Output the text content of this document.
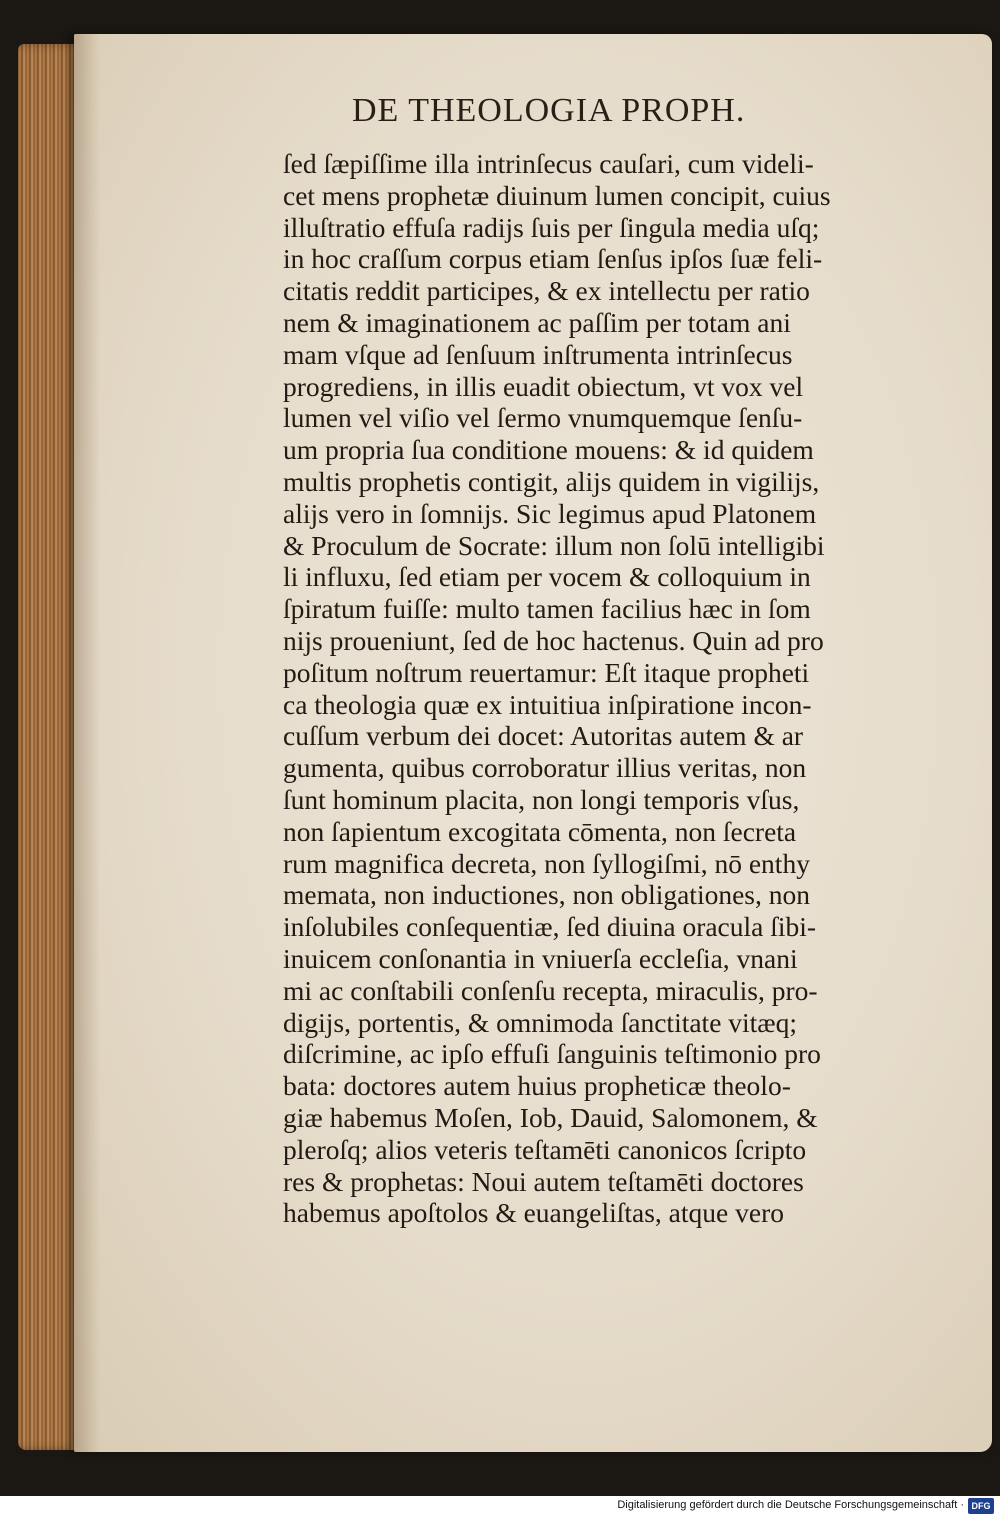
DE THEOLOGIA PROPH.
ſed ſæpiſſime illa intrinſecus cauſari, cum videli-
cet mens prophetæ diuinum lumen concipit, cuius
illuſtratio effuſa radijs ſuis per ſingula media uſq;
in hoc craſſum corpus etiam ſenſus ipſos ſuæ feli-
citatis reddit participes, & ex intellectu per ratio
nem & imaginationem ac paſſim per totam ani
mam vſque ad ſenſuum inſtrumenta intrinſecus
progrediens, in illis euadit obiectum, vt vox vel
lumen vel viſio vel ſermo vnumquemque ſenſu-
um propria ſua conditione mouens: & id quidem
multis prophetis contigit, alijs quidem in vigilijs,
alijs vero in ſomnijs. Sic legimus apud Platonem
& Proculum de Socrate: illum non ſolū intelligibi
li influxu, ſed etiam per vocem & colloquium in
ſpiratum fuiſſe: multo tamen facilius hæc in ſom
nijs proueniunt, ſed de hoc hactenus. Quin ad pro
poſitum noſtrum reuertamur: Eſt itaque propheti
ca theologia quæ ex intuitiua inſpiratione incon-
cuſſum verbum dei docet: Autoritas autem & ar
gumenta, quibus corroboratur illius veritas, non
ſunt hominum placita, non longi temporis vſus,
non ſapientum excogitata cōmenta, non ſecreta
rum magnifica decreta, non ſyllogiſmi, nō enthy
memata, non inductiones, non obligationes, non
inſolubiles conſequentiæ, ſed diuina oracula ſibi-
inuicem conſonantia in vniuerſa eccleſia, vnani
mi ac conſtabili conſenſu recepta, miraculis, pro-
digijs, portentis, & omnimoda ſanctitate vitæq;
diſcrimine, ac ipſo effuſi ſanguinis teſtimonio pro
bata: doctores autem huius propheticæ theolo-
giæ habemus Moſen, Iob, Dauid, Salomonem, &
pleroſq; alios veteris teſtamēti canonicos ſcripto
res & prophetas: Noui autem teſtamēti doctores
habemus apoſtolos & euangeliſtas, atque vero
Digitalisierung gefördert durch die Deutsche Forschungsgemeinschaft · DFG
